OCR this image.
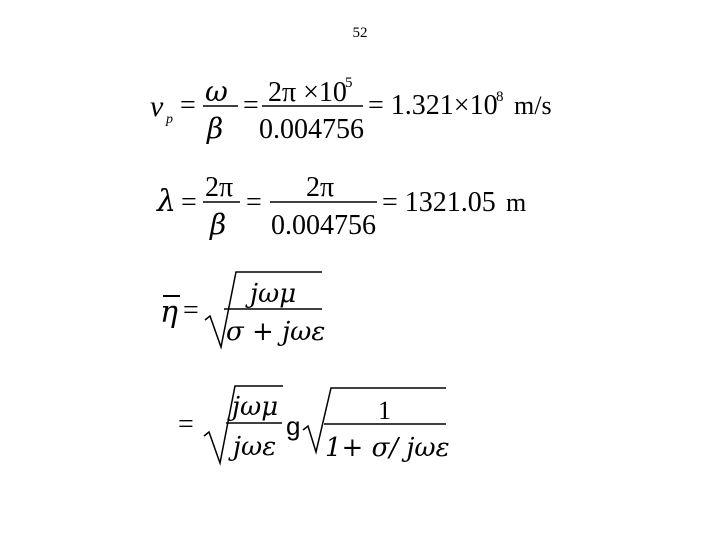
52
v p = ω
β
= 2π ×10
5
0.004756
= 1.321×10
8 m/s
λ = 2π
β
= 2π
0.004756
= 1321.05 m
η =
jωμ
σ + jωε
=
jωμ
jωε
g
1
1+ σ/ jωε
